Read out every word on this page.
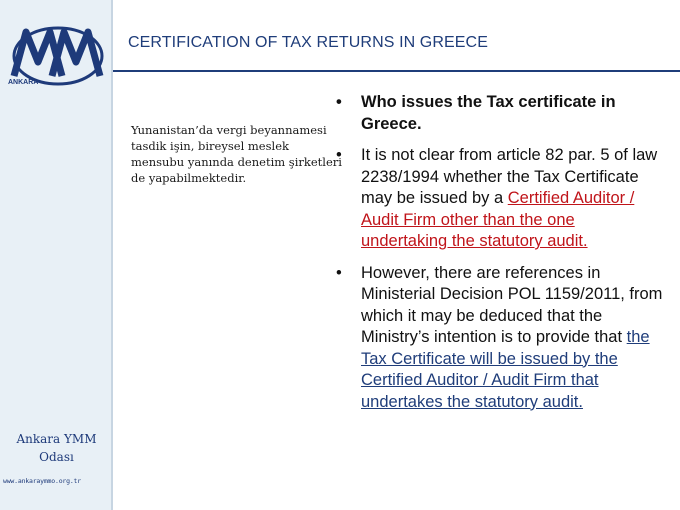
ANKARA
Ankara YMM Odası
www.ankaraymmo.org.tr
CERTIFICATION OF TAX RETURNS IN GREECE

Yunanistan’da vergi beyannamesi tasdik işin, bireysel meslek mensubu yanında denetim şirketleri de yapabilmektedir.

• Who issues the Tax certificate in Greece.
• It is not clear from article 82 par. 5 of law 2238/1994 whether the Tax Certificate may be issued by a Certified Auditor / Audit Firm other than the one undertaking the statutory audit.
• However, there are references in Ministerial Decision POL 1159/2011, from which it may be deduced that the Ministry’s intention is to provide that the Tax Certificate will be issued by the Certified Auditor / Audit Firm that undertakes the statutory audit.
